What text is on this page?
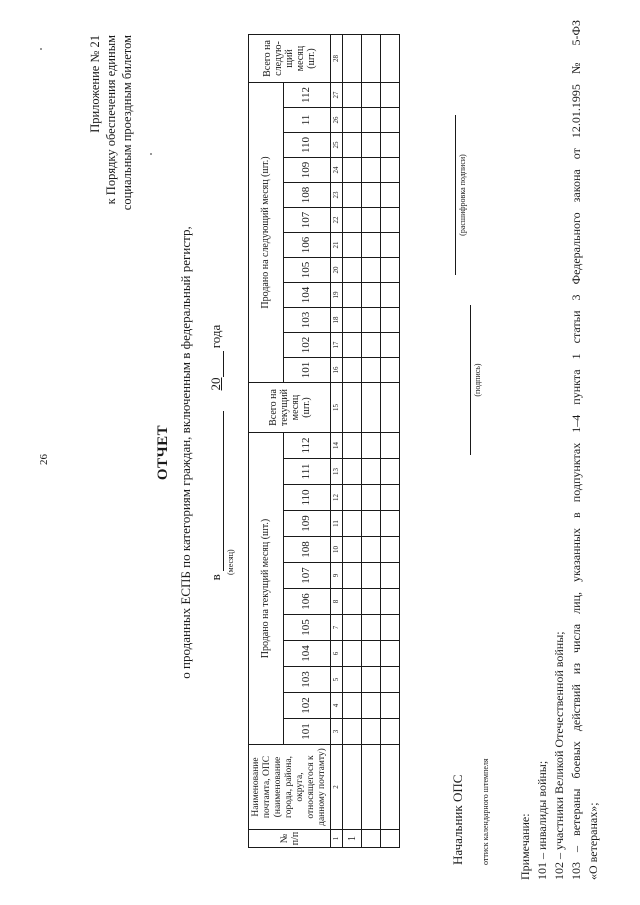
26
Приложение № 21 к Порядку обеспечения единым социальным проездным билетом
ОТЧЕТ о проданных ЕСПБ по категориям граждан, включенным в федеральный регистр, в   20 года
(месяц)
№ п/п	Наименование почтамта, ОПС (наименование города, района, округа, относящегося к данному почтамту)	Продано на текущий месяц (шт.)												Всего на текущий месяц (шт.)	Продано на следующий месяц (шт.)												Всего на следую-щий месяц (шт.)
		101	102	103	104	105	106	107	108	109	110	111	112		101	102	103	104	105	106	107	108	109	110	11	112	
1	2	3	4	5	6	7	8	9	10	11	12	13	14	15	16	17	18	19	20	21	22	23	24	25	26	27	28
1																											

																												Начальник ОПС оттиск календарного штемпеля
(подпись)
(расшифровка подписи)
Примечание: 101 – инвалиды войны; 102 – участники Великой Отечественной войны; 103 – ветераны боевых действий из числа лиц, указанных в подпунктах 1–4 пункта 1 статьи 3 Федерального закона от 12.01.1995 № 5-ФЗ «О ветеранах»;
